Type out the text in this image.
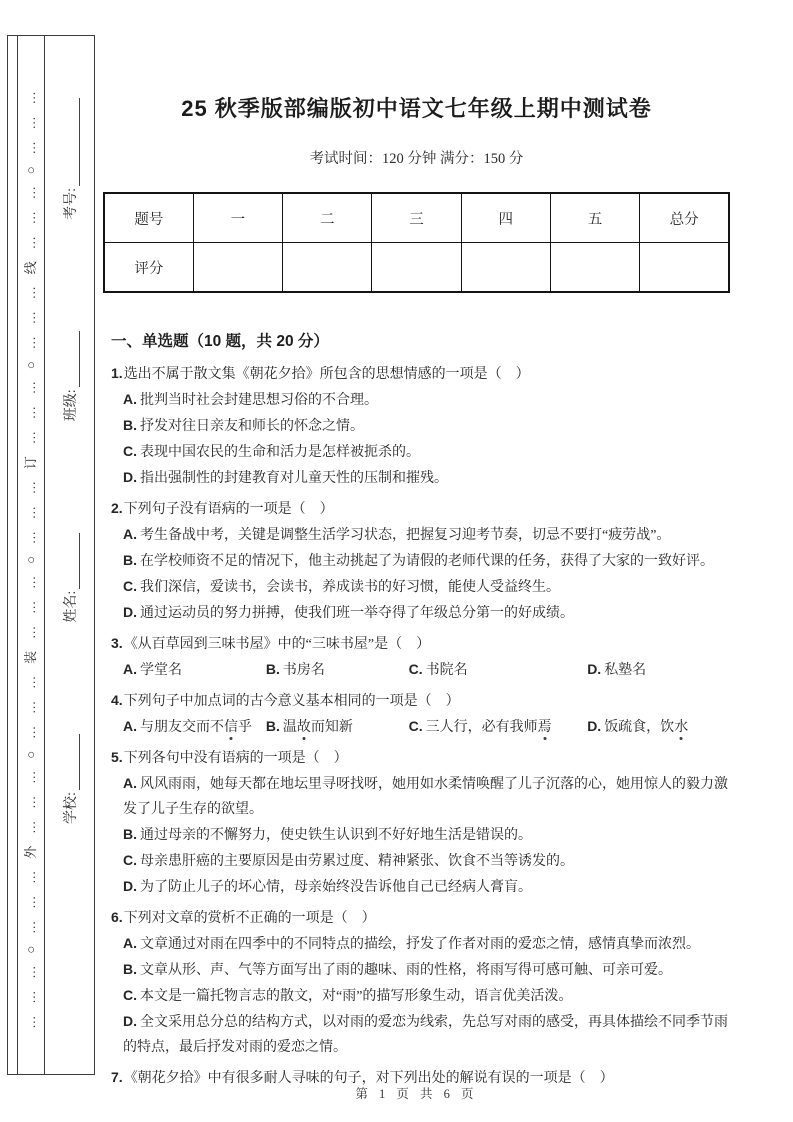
………○………外………○………装………○………订………○………线………○………	学校:
姓名:
班级:
考号:
25 秋季版部编版初中语文七年级上期中测试卷
考试时间：120 分钟 满分：150 分
题号	一	二	三	四	五	总分
评分						
一、单选题（10 题，共 20 分）
1.选出不属于散文集《朝花夕拾》所包含的思想情感的一项是（　）
A. 批判当时社会封建思想习俗的不合理。
B. 抒发对往日亲友和师长的怀念之情。
C. 表现中国农民的生命和活力是怎样被扼杀的。
D. 指出强制性的封建教育对儿童天性的压制和摧残。
2.下列句子没有语病的一项是（　）
A. 考生备战中考，关键是调整生活学习状态，把握复习迎考节奏，切忌不要打“疲劳战”。
B. 在学校师资不足的情况下，他主动挑起了为请假的老师代课的任务，获得了大家的一致好评。
C. 我们深信，爱读书，会读书，养成读书的好习惯，能使人受益终生。
D. 通过运动员的努力拼搏，使我们班一举夺得了年级总分第一的好成绩。
3.《从百草园到三味书屋》中的“三味书屋”是（　）
A. 学堂名	B. 书房名	C. 书院名	D. 私塾名
4.下列句子中加点词的古今意义基本相同的一项是（　）
A. 与朋友交而不信乎 B. 温故而知新	C. 三人行，必有我师焉	D. 饭疏食，饮水
5.下列各句中没有语病的一项是（　）
A. 风风雨雨，她每天都在地坛里寻呀找呀，她用如水柔情唤醒了儿子沉落的心，她用惊人的毅力激发了儿子生存的欲望。
B. 通过母亲的不懈努力，使史铁生认识到不好好地生活是错误的。
C. 母亲患肝癌的主要原因是由劳累过度、精神紧张、饮食不当等诱发的。
D. 为了防止儿子的坏心情，母亲始终没告诉他自己已经病人膏肓。
6.下列对文章的赏析不正确的一项是（　）
A. 文章通过对雨在四季中的不同特点的描绘，抒发了作者对雨的爱恋之情，感情真挚而浓烈。
B. 文章从形、声、气等方面写出了雨的趣味、雨的性格，将雨写得可感可触、可亲可爱。
C. 本文是一篇托物言志的散文，对“雨”的描写形象生动，语言优美活泼。
D. 全文采用总分总的结构方式，以对雨的爱恋为线索，先总写对雨的感受，再具体描绘不同季节雨的特点，最后抒发对雨的爱恋之情。
7.《朝花夕拾》中有很多耐人寻味的句子，对下列出处的解说有误的一项是（　）
第 1 页 共 6 页
